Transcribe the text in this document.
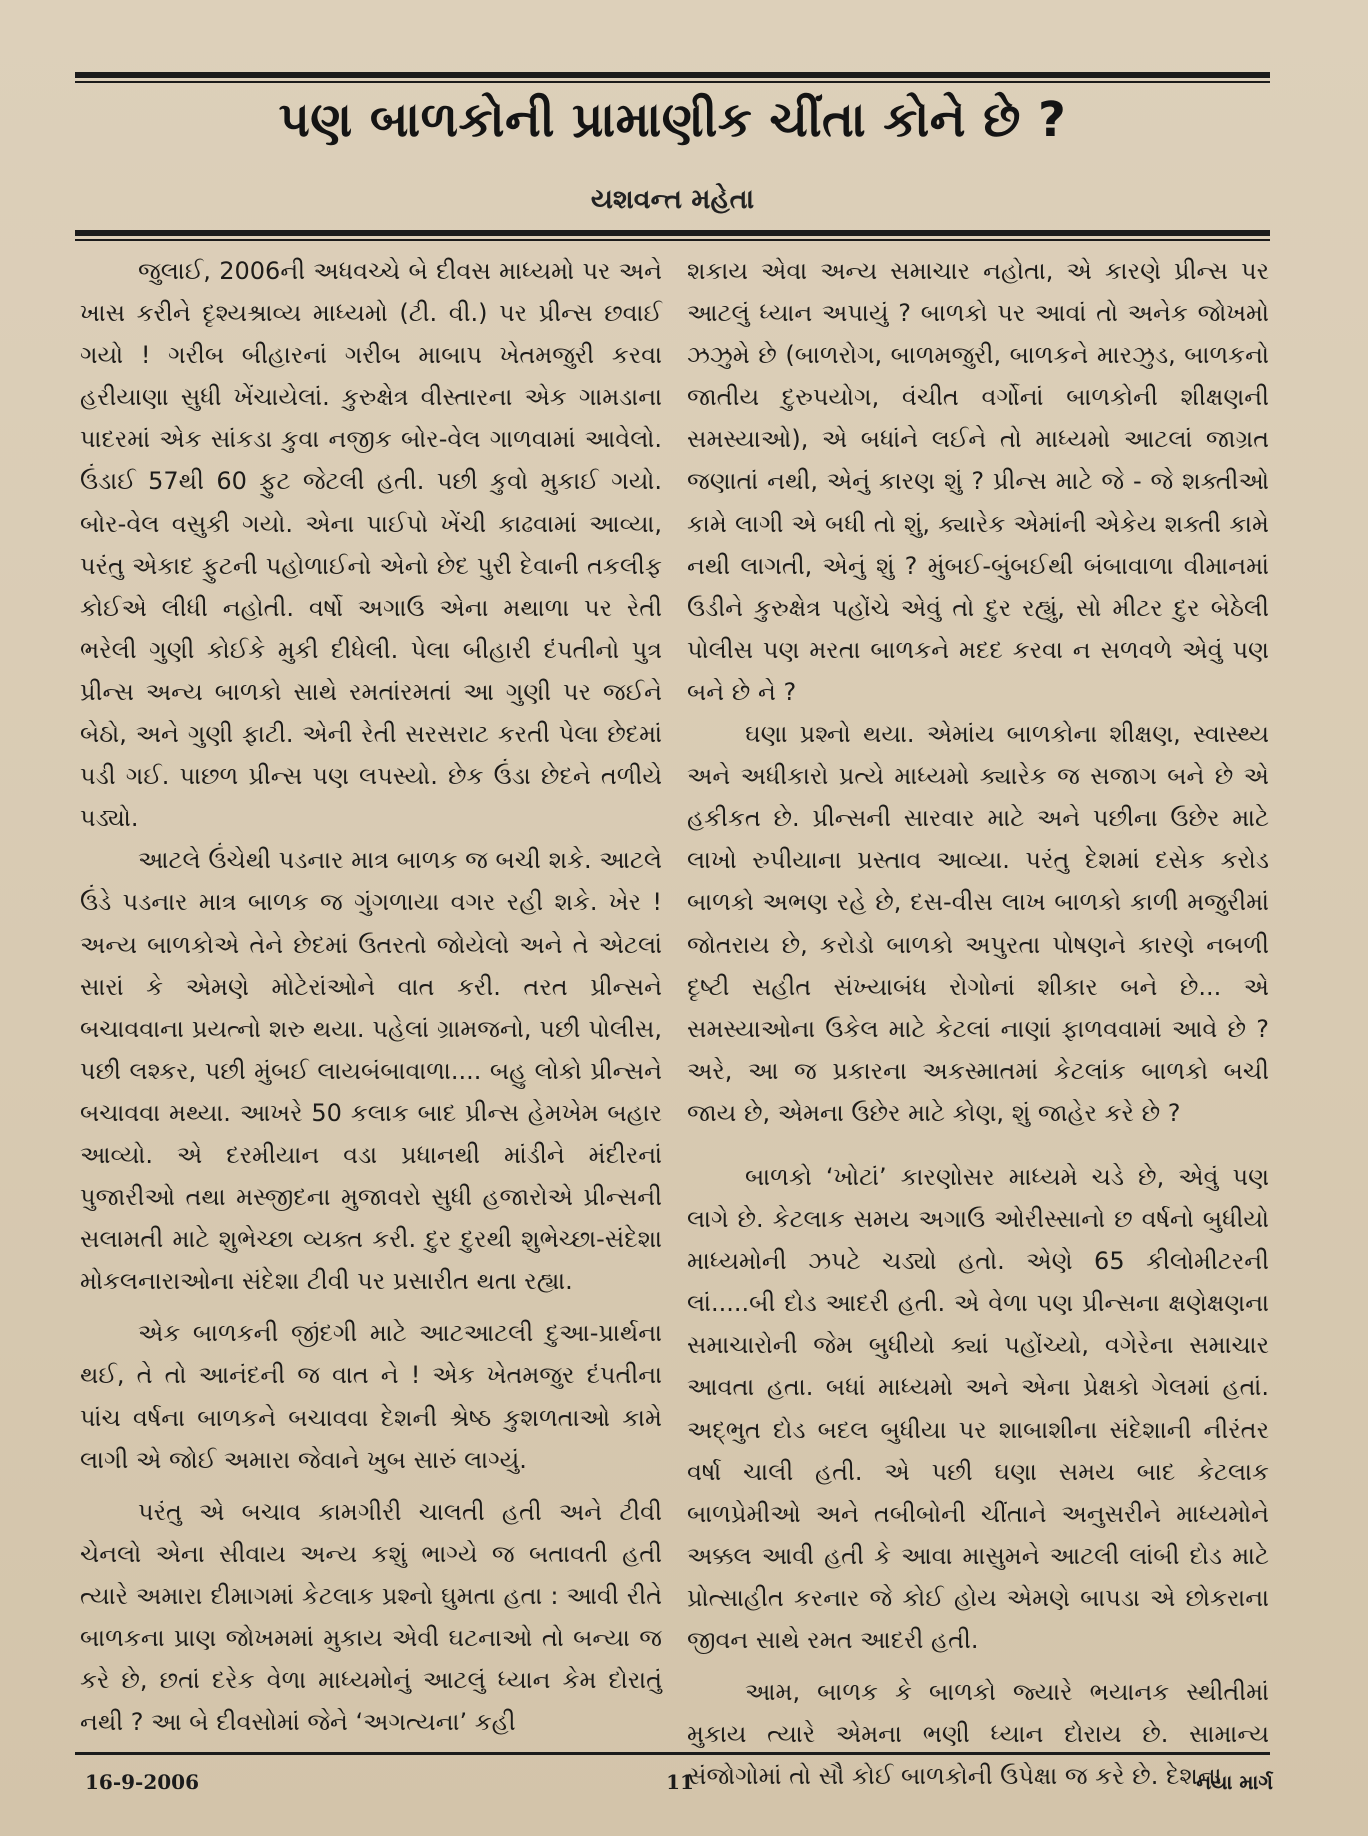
પણ બાળકોની પ્રામાણીક ચીંતા કોને છે ?
યશવન્ત મહેતા

જુલાઈ, 2006ની અધવચ્ચે બે દીવસ માધ્યમો પર અને ખાસ કરીને દૃશ્યશ્રાવ્ય માધ્યમો (ટી. વી.) પર પ્રીન્સ છવાઈ ગયો ! ગરીબ બીહારનાં ગરીબ માબાપ ખેતમજુરી કરવા હરીયાણા સુધી ખેંચાયેલાં. કુરુક્ષેત્ર વીસ્તારના એક ગામડાના પાદરમાં એક સાંકડા કુવા નજીક બોર-વેલ ગાળવામાં આવેલો. ઉંડાઈ 57થી 60 ફુટ જેટલી હતી. પછી કુવો મુકાઈ ગયો. બોર-વેલ વસુકી ગયો. એના પાઈપો ખેંચી કાઢવામાં આવ્યા, પરંતુ એકાદ ફુટની પહોળાઈનો એનો છેદ પુરી દેવાની તકલીફ કોઈએ લીધી નહોતી. વર્ષો અગાઉ એના મથાળા પર રેતી ભરેલી ગુણી કોઈકે મુકી દીધેલી. પેલા બીહારી દંપતીનો પુત્ર પ્રીન્સ અન્ય બાળકો સાથે રમતાંરમતાં આ ગુણી પર જઈને બેઠો, અને ગુણી ફાટી. એની રેતી સરસરાટ કરતી પેલા છેદમાં પડી ગઈ. પાછળ પ્રીન્સ પણ લપસ્યો. છેક ઉંડા છેદને તળીયે પડ્યો.

આટલે ઉંચેથી પડનાર માત્ર બાળક જ બચી શકે. આટલે ઉંડે પડનાર માત્ર બાળક જ ગુંગળાયા વગર રહી શકે. ખેર ! અન્ય બાળકોએ તેને છેદમાં ઉતરતો જોયેલો અને તે એટલાં સારાં કે એમણે મોટેરાંઓને વાત કરી. તરત પ્રીન્સને બચાવવાના પ્રયત્નો શરુ થયા. પહેલાં ગ્રામજનો, પછી પોલીસ, પછી લશ્કર, પછી મુંબઈ લાયબંબાવાળા.... બહુ લોકો પ્રીન્સને બચાવવા મથ્યા. આખરે 50 કલાક બાદ પ્રીન્સ હેમખેમ બહાર આવ્યો. એ દરમીયાન વડા પ્રધાનથી માંડીને મંદીરનાં પુજારીઓ તથા મસ્જીદના મુજાવરો સુધી હજારોએ પ્રીન્સની સલામતી માટે શુભેચ્છા વ્યક્ત કરી. દુર દુરથી શુભેચ્છા-સંદેશા મોકલનારાઓના સંદેશા ટીવી પર પ્રસારીત થતા રહ્યા.

એક બાળકની જીંદગી માટે આટઆટલી દુઆ-પ્રાર્થના થઈ, તે તો આનંદની જ વાત ને ! એક ખેતમજુર દંપતીના પાંચ વર્ષના બાળકને બચાવવા દેશની શ્રેષ્ઠ કુશળતાઓ કામે લાગી એ જોઈ અમારા જેવાને ખુબ સારું લાગ્યું.

પરંતુ એ બચાવ કામગીરી ચાલતી હતી અને ટીવી ચેનલો એના સીવાય અન્ય કશું ભાગ્યે જ બતાવતી હતી ત્યારે અમારા દીમાગમાં કેટલાક પ્રશ્નો ઘુમતા હતા : આવી રીતે બાળકના પ્રાણ જોખમમાં મુકાય એવી ઘટનાઓ તો બન્યા જ કરે છે, છતાં દરેક વેળા માધ્યમોનું આટલું ધ્યાન કેમ દોરાતું નથી ? આ બે દીવસોમાં જેને ‘અગત્યના’ કહી

શકાય એવા અન્ય સમાચાર નહોતા, એ કારણે પ્રીન્સ પર આટલું ધ્યાન અપાયું ? બાળકો પર આવાં તો અનેક જોખમો ઝઝુમે છે (બાળરોગ, બાળમજુરી, બાળકને મારઝુડ, બાળકનો જાતીય દુરુપયોગ, વંચીત વર્ગોનાં બાળકોની શીક્ષણની સમસ્યાઓ), એ બધાંને લઈને તો માધ્યમો આટલાં જાગ્રત જણાતાં નથી, એનું કારણ શું ? પ્રીન્સ માટે જે - જે શક્તીઓ કામે લાગી એ બધી તો શું, ક્યારેક એમાંની એકેય શક્તી કામે નથી લાગતી, એનું શું ? મુંબઈ-બુંબઈથી બંબાવાળા વીમાનમાં ઉડીને કુરુક્ષેત્ર પહોંચે એવું તો દુર રહ્યું, સો મીટર દુર બેઠેલી પોલીસ પણ મરતા બાળકને મદદ કરવા ન સળવળે એવું પણ બને છે ને ?

ઘણા પ્રશ્નો થયા. એમાંય બાળકોના શીક્ષણ, સ્વાસ્થ્ય અને અધીકારો પ્રત્યે માધ્યમો ક્યારેક જ સજાગ બને છે એ હકીકત છે. પ્રીન્સની સારવાર માટે અને પછીના ઉછેર માટે લાખો રુપીયાના પ્રસ્તાવ આવ્યા. પરંતુ દેશમાં દસેક કરોડ બાળકો અભણ રહે છે, દસ-વીસ લાખ બાળકો કાળી મજુરીમાં જોતરાય છે, કરોડો બાળકો અપુરતા પોષણને કારણે નબળી દૃષ્ટી સહીત સંખ્યાબંધ રોગોનાં શીકાર બને છે... એ સમસ્યાઓના ઉકેલ માટે કેટલાં નાણાં ફાળવવામાં આવે છે ? અરે, આ જ પ્રકારના અકસ્માતમાં કેટલાંક બાળકો બચી જાય છે, એમના ઉછેર માટે કોણ, શું જાહેર કરે છે ?

બાળકો ‘ખોટાં’ કારણોસર માધ્યમે ચડે છે, એવું પણ લાગે છે. કેટલાક સમય અગાઉ ઓરીસ્સાનો છ વર્ષનો બુધીયો માધ્યમોની ઝપટે ચડ્યો હતો. એણે 65 કીલોમીટરની લાં.....બી દોડ આદરી હતી. એ વેળા પણ પ્રીન્સના ક્ષણેક્ષણના સમાચારોની જેમ બુધીયો ક્યાં પહોંચ્યો, વગેરેના સમાચાર આવતા હતા. બધાં માધ્યમો અને એના પ્રેક્ષકો ગેલમાં હતાં. અદ્ભુત દોડ બદલ બુધીયા પર શાબાશીના સંદેશાની નીરંતર વર્ષા ચાલી હતી. એ પછી ઘણા સમય બાદ કેટલાક બાળપ્રેમીઓ અને તબીબોની ચીંતાને અનુસરીને માધ્યમોને અક્કલ આવી હતી કે આવા માસુમને આટલી લાંબી દોડ માટે પ્રોત્સાહીત કરનાર જે કોઈ હોય એમણે બાપડા એ છોકરાના જીવન સાથે રમત આદરી હતી.

આમ, બાળક કે બાળકો જ્યારે ભયાનક સ્થીતીમાં મુકાય ત્યારે એમના ભણી ધ્યાન દોરાય છે. સામાન્ય સંજોગોમાં તો સૌ કોઈ બાળકોની ઉપેક્ષા જ કરે છે. દેશના

16-9-2006	11	નયા માર્ગ
